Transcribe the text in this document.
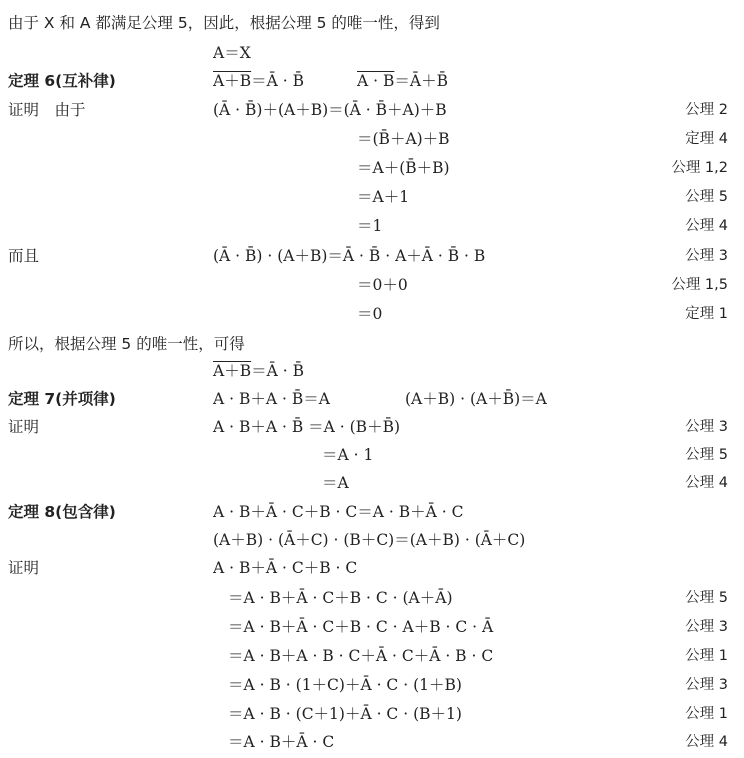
由于 X 和 A 都满足公理 5，因此，根据公理 5 的唯一性，得到
A＝X
定理 6(互补律)	A＋B＝Ā · B̄	A · B＝Ā＋B̄
证明　由于	(Ā · B̄)＋(A＋B)＝(Ā · B̄＋A)＋B	公理 2
＝(B̄＋A)＋B	定理 4
＝A＋(B̄＋B)	公理 1,2
＝A＋1	公理 5
＝1	公理 4
而且	(Ā · B̄) · (A＋B)＝Ā · B̄ · A＋Ā · B̄ · B	公理 3
＝0＋0	公理 1,5
＝0	定理 1
所以，根据公理 5 的唯一性，可得
A＋B＝Ā · B̄
定理 7(并项律)	A · B＋A · B̄＝A	(A＋B) · (A＋B̄)＝A
证明	A · B＋A · B̄ ＝A · (B＋B̄)	公理 3
＝A · 1	公理 5
＝A	公理 4
定理 8(包含律)	A · B＋Ā · C＋B · C＝A · B＋Ā · C
(A＋B) · (Ā＋C) · (B＋C)＝(A＋B) · (Ā＋C)
证明	A · B＋Ā · C＋B · C
＝A · B＋Ā · C＋B · C · (A＋Ā)	公理 5
＝A · B＋Ā · C＋B · C · A＋B · C · Ā	公理 3
＝A · B＋A · B · C＋Ā · C＋Ā · B · C	公理 1
＝A · B · (1＋C)＋Ā · C · (1＋B)	公理 3
＝A · B · (C＋1)＋Ā · C · (B＋1)	公理 1
＝A · B＋Ā · C	公理 4
